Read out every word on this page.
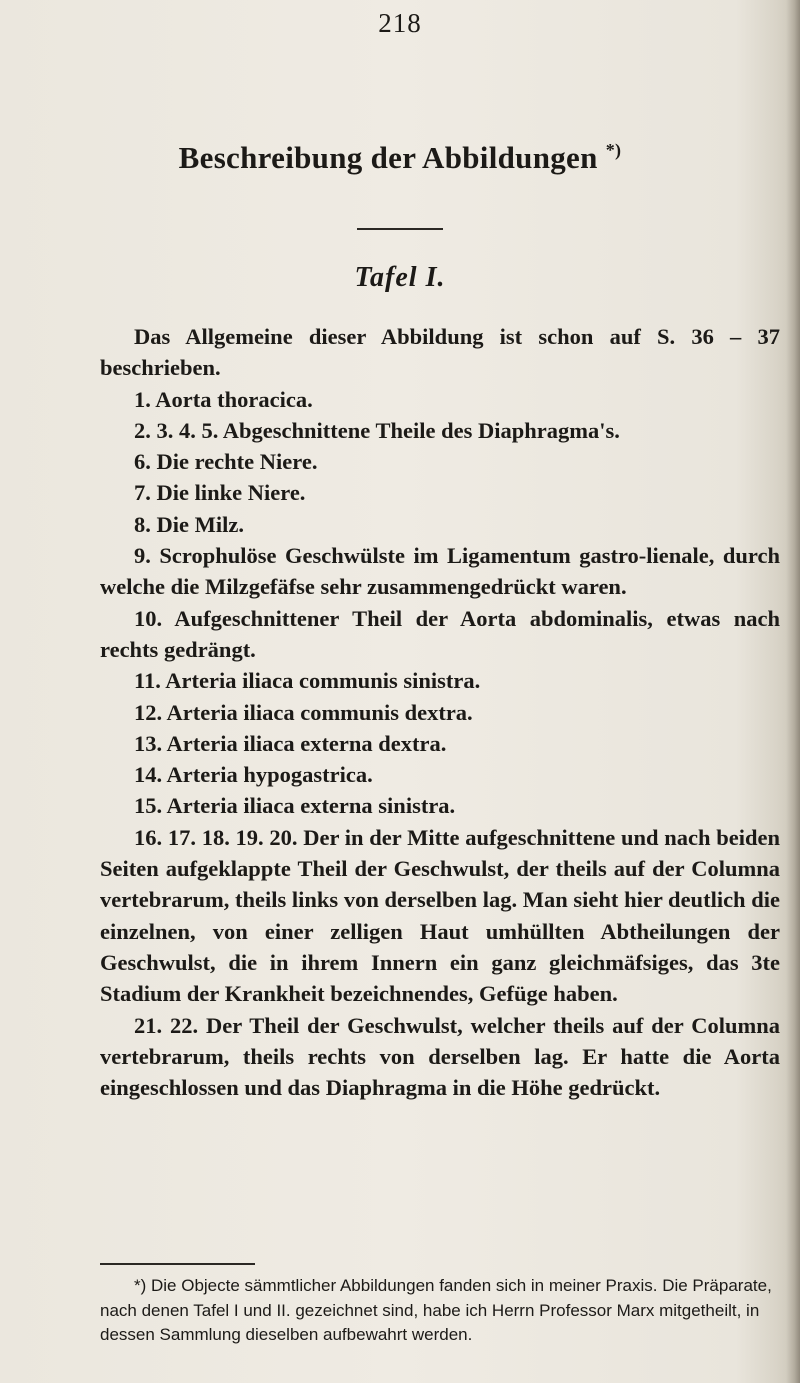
218
Beschreibung der Abbildungen *)
Tafel I.

Das Allgemeine dieser Abbildung ist schon auf S. 36 – 37 beschrieben.

1. Aorta thoracica.

2. 3. 4. 5. Abgeschnittene Theile des Diaphragma's.

6. Die rechte Niere.

7. Die linke Niere.

8. Die Milz.

9. Scrophulöse Geschwülste im Ligamentum gastro-lienale, durch welche die Milzgefäfse sehr zusammengedrückt waren.

10. Aufgeschnittener Theil der Aorta abdominalis, etwas nach rechts gedrängt.

11. Arteria iliaca communis sinistra.

12. Arteria iliaca communis dextra.

13. Arteria iliaca externa dextra.

14. Arteria hypogastrica.

15. Arteria iliaca externa sinistra.

16. 17. 18. 19. 20. Der in der Mitte aufgeschnittene und nach beiden Seiten aufgeklappte Theil der Geschwulst, der theils auf der Columna vertebrarum, theils links von derselben lag. Man sieht hier deutlich die einzelnen, von einer zelligen Haut umhüllten Abtheilungen der Geschwulst, die in ihrem Innern ein ganz gleichmäfsiges, das 3te Stadium der Krankheit bezeichnendes, Gefüge haben.

21. 22. Der Theil der Geschwulst, welcher theils auf der Columna vertebrarum, theils rechts von derselben lag. Er hatte die Aorta eingeschlossen und das Diaphragma in die Höhe gedrückt.

*) Die Objecte sämmtlicher Abbildungen fanden sich in meiner Praxis. Die Präparate, nach denen Tafel I und II. gezeichnet sind, habe ich Herrn Professor Marx mitgetheilt, in dessen Sammlung dieselben aufbewahrt werden.
